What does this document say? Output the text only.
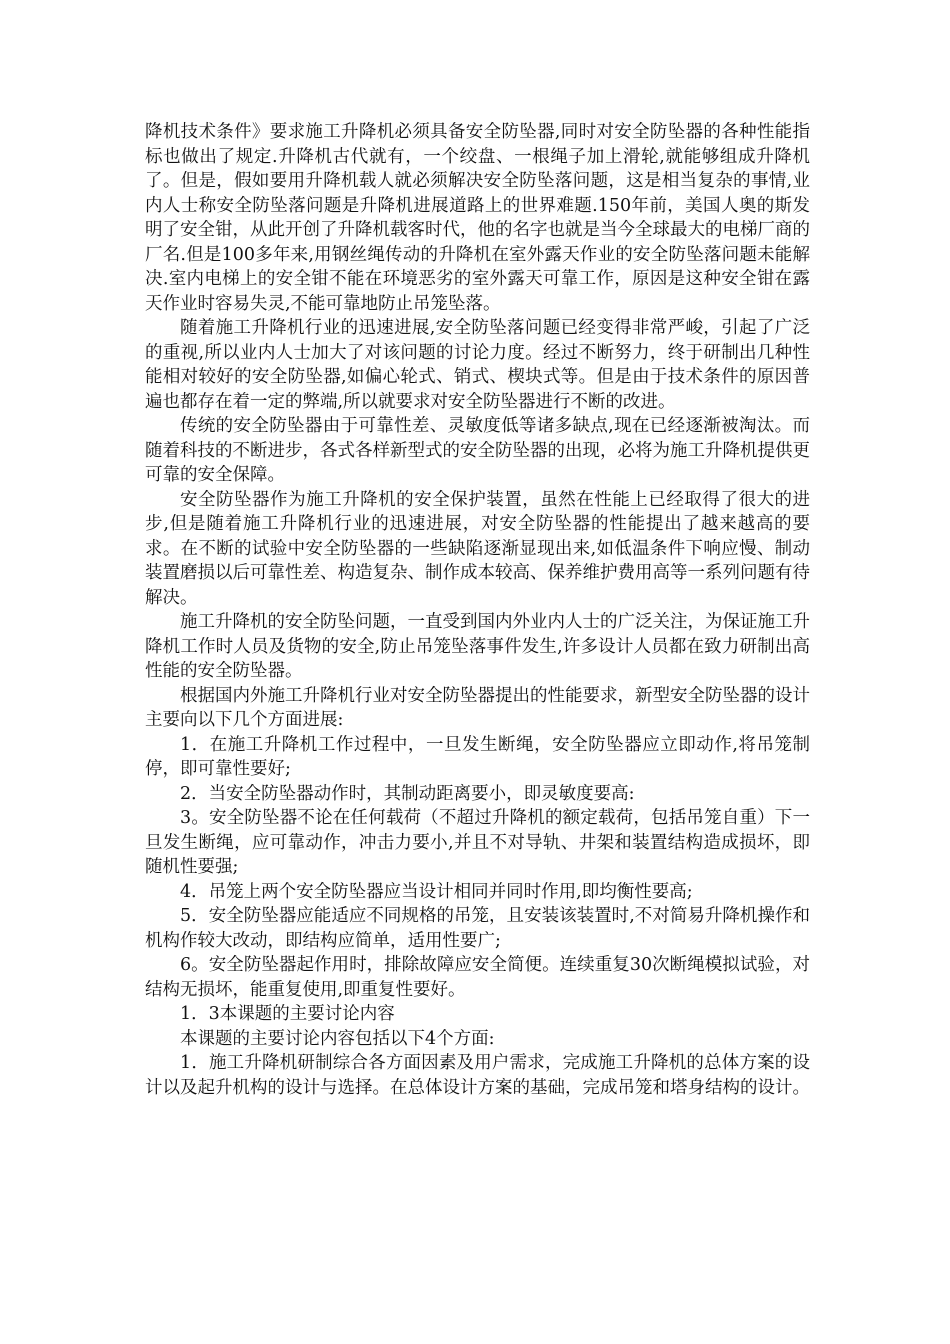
降机技术条件》要求施工升降机必须具备安全防坠器,同时对安全防坠器的各种性能指标也做出了规定.升降机古代就有，一个绞盘、一根绳子加上滑轮,就能够组成升降机了。但是，假如要用升降机载人就必须解决安全防坠落问题，这是相当复杂的事情,业内人士称安全防坠落问题是升降机进展道路上的世界难题.150年前，美国人奥的斯发明了安全钳，从此开创了升降机载客时代，他的名字也就是当今全球最大的电梯厂商的厂名.但是100多年来,用钢丝绳传动的升降机在室外露天作业的安全防坠落问题未能解决.室内电梯上的安全钳不能在环境恶劣的室外露天可靠工作，原因是这种安全钳在露天作业时容易失灵,不能可靠地防止吊笼坠落。

随着施工升降机行业的迅速进展,安全防坠落问题已经变得非常严峻，引起了广泛的重视,所以业内人士加大了对该问题的讨论力度。经过不断努力，终于研制出几种性能相对较好的安全防坠器,如偏心轮式、销式、楔块式等。但是由于技术条件的原因普遍也都存在着一定的弊端,所以就要求对安全防坠器进行不断的改进。

传统的安全防坠器由于可靠性差、灵敏度低等诸多缺点,现在已经逐渐被淘汰。而随着科技的不断进步，各式各样新型式的安全防坠器的出现，必将为施工升降机提供更可靠的安全保障。

安全防坠器作为施工升降机的安全保护装置，虽然在性能上已经取得了很大的进步,但是随着施工升降机行业的迅速进展，对安全防坠器的性能提出了越来越高的要求。在不断的试验中安全防坠器的一些缺陷逐渐显现出来,如低温条件下响应慢、制动装置磨损以后可靠性差、构造复杂、制作成本较高、保养维护费用高等一系列问题有待解决。

施工升降机的安全防坠问题，一直受到国内外业内人士的广泛关注，为保证施工升降机工作时人员及货物的安全,防止吊笼坠落事件发生,许多设计人员都在致力研制出高性能的安全防坠器。

根据国内外施工升降机行业对安全防坠器提出的性能要求，新型安全防坠器的设计主要向以下几个方面进展:

1．在施工升降机工作过程中，一旦发生断绳，安全防坠器应立即动作,将吊笼制停，即可靠性要好;

2．当安全防坠器动作时，其制动距离要小，即灵敏度要高:

3。安全防坠器不论在任何载荷（不超过升降机的额定载荷，包括吊笼自重）下一旦发生断绳，应可靠动作，冲击力要小,并且不对导轨、井架和装置结构造成损坏，即随机性要强;

4．吊笼上两个安全防坠器应当设计相同并同时作用,即均衡性要高;

5．安全防坠器应能适应不同规格的吊笼，且安装该装置时,不对简易升降机操作和机构作较大改动，即结构应简单，适用性要广;

6。安全防坠器起作用时，排除故障应安全简便。连续重复30次断绳模拟试验，对结构无损坏，能重复使用,即重复性要好。

1．3本课题的主要讨论内容

本课题的主要讨论内容包括以下4个方面:

1．施工升降机研制综合各方面因素及用户需求，完成施工升降机的总体方案的设计以及起升机构的设计与选择。在总体设计方案的基础，完成吊笼和塔身结构的设计。
